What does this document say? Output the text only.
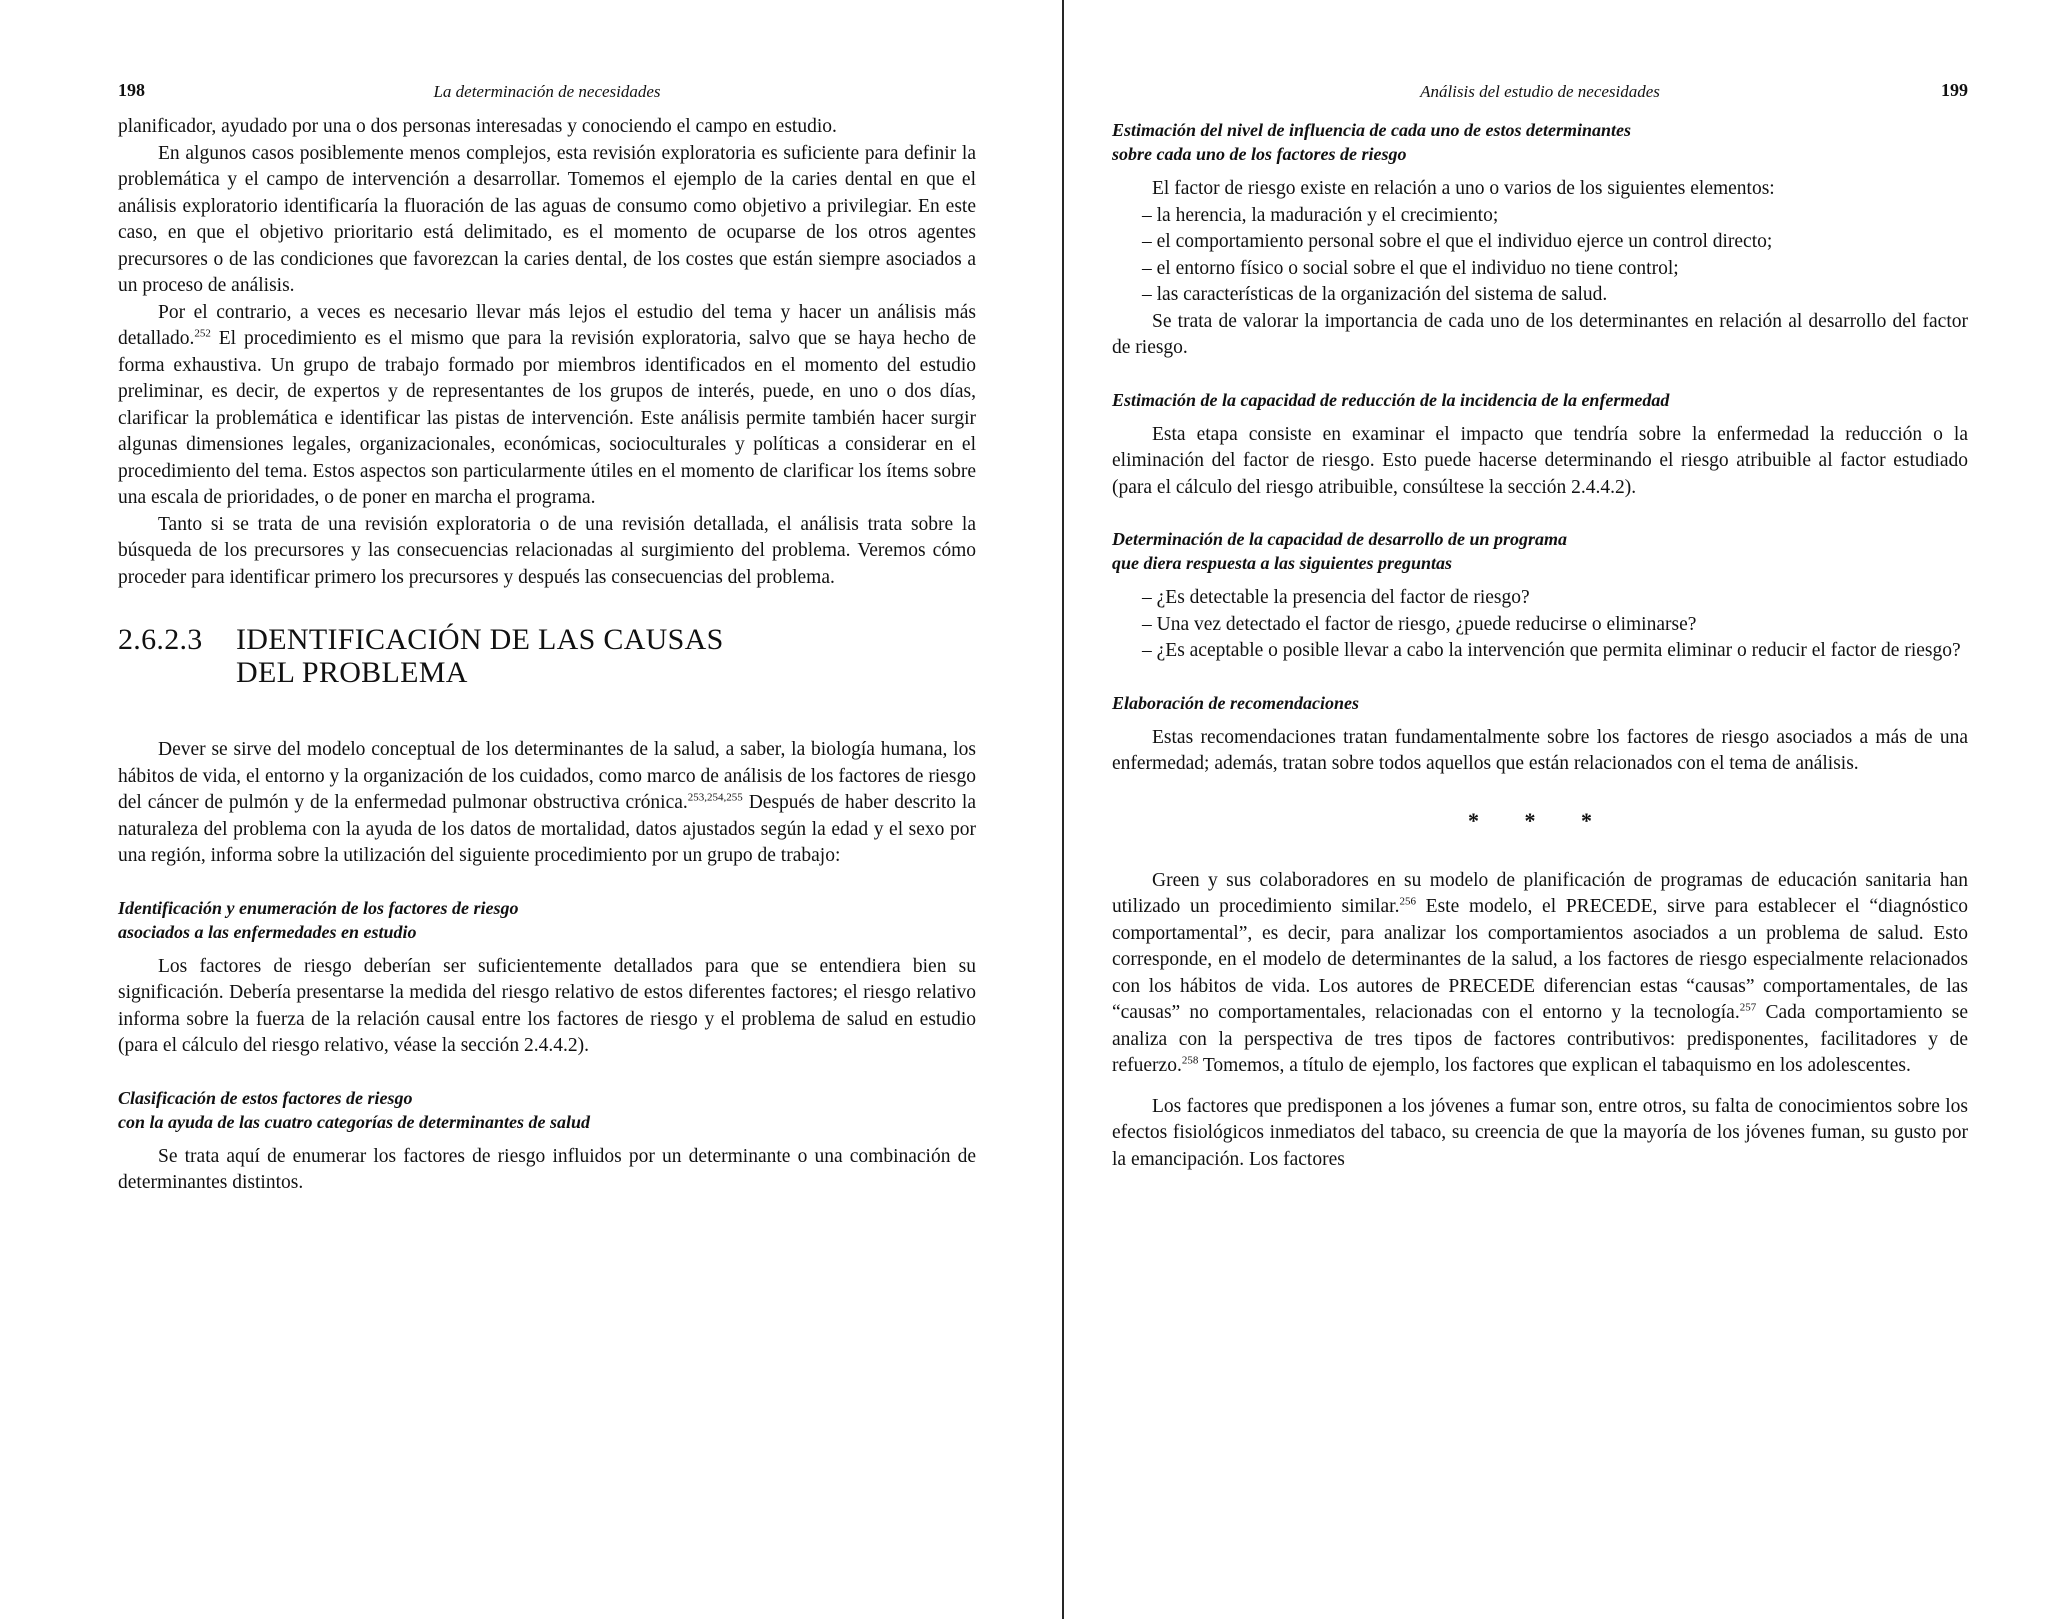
198	La determinación de necesidades

planificador, ayudado por una o dos personas interesadas y conociendo el campo en estudio.

En algunos casos posiblemente menos complejos, esta revisión exploratoria es suficiente para definir la problemática y el campo de intervención a desarrollar. Tomemos el ejemplo de la caries dental en que el análisis exploratorio identificaría la fluoración de las aguas de consumo como objetivo a privilegiar. En este caso, en que el objetivo prioritario está delimitado, es el momento de ocuparse de los otros agentes precursores o de las condiciones que favorezcan la caries dental, de los costes que están siempre asociados a un proceso de análisis.

Por el contrario, a veces es necesario llevar más lejos el estudio del tema y hacer un análisis más detallado.$^{252}$ El procedimiento es el mismo que para la revisión exploratoria, salvo que se haya hecho de forma exhaustiva. Un grupo de trabajo formado por miembros identificados en el momento del estudio preliminar, es decir, de expertos y de representantes de los grupos de interés, puede, en uno o dos días, clarificar la problemática e identificar las pistas de intervención. Este análisis permite también hacer surgir algunas dimensiones legales, organizacionales, económicas, socioculturales y políticas a considerar en el procedimiento del tema. Estos aspectos son particularmente útiles en el momento de clarificar los ítems sobre una escala de prioridades, o de poner en marcha el programa.

Tanto si se trata de una revisión exploratoria o de una revisión detallada, el análisis trata sobre la búsqueda de los precursores y las consecuencias relacionadas al surgimiento del problema. Veremos cómo proceder para identificar primero los precursores y después las consecuencias del problema.

2.6.2.3	IDENTIFICACIÓN DE LAS CAUSAS
DEL PROBLEMA

Dever se sirve del modelo conceptual de los determinantes de la salud, a saber, la biología humana, los hábitos de vida, el entorno y la organización de los cuidados, como marco de análisis de los factores de riesgo del cáncer de pulmón y de la enfermedad pulmonar obstructiva crónica.$^{253,254,255}$ Después de haber descrito la naturaleza del problema con la ayuda de los datos de mortalidad, datos ajustados según la edad y el sexo por una región, informa sobre la utilización del siguiente procedimiento por un grupo de trabajo:

Identificación y enumeración de los factores de riesgo
asociados a las enfermedades en estudio

Los factores de riesgo deberían ser suficientemente detallados para que se entendiera bien su significación. Debería presentarse la medida del riesgo relativo de estos diferentes factores; el riesgo relativo informa sobre la fuerza de la relación causal entre los factores de riesgo y el problema de salud en estudio (para el cálculo del riesgo relativo, véase la sección 2.4.4.2).

Clasificación de estos factores de riesgo
con la ayuda de las cuatro categorías de determinantes de salud

Se trata aquí de enumerar los factores de riesgo influidos por un determinante o una combinación de determinantes distintos.

Análisis del estudio de necesidades	199
Estimación del nivel de influencia de cada uno de estos determinantes
sobre cada uno de los factores de riesgo

El factor de riesgo existe en relación a uno o varios de los siguientes elementos:

– la herencia, la maduración y el crecimiento;
– el comportamiento personal sobre el que el individuo ejerce un control directo;
– el entorno físico o social sobre el que el individuo no tiene control;
– las características de la organización del sistema de salud.

Se trata de valorar la importancia de cada uno de los determinantes en relación al desarrollo del factor de riesgo.

Estimación de la capacidad de reducción de la incidencia de la enfermedad

Esta etapa consiste en examinar el impacto que tendría sobre la enfermedad la reducción o la eliminación del factor de riesgo. Esto puede hacerse determinando el riesgo atribuible al factor estudiado (para el cálculo del riesgo atribuible, consúltese la sección 2.4.4.2).

Determinación de la capacidad de desarrollo de un programa
que diera respuesta a las siguientes preguntas
– ¿Es detectable la presencia del factor de riesgo?
– Una vez detectado el factor de riesgo, ¿puede reducirse o eliminarse?
– ¿Es aceptable o posible llevar a cabo la intervención que permita eliminar o reducir el factor de riesgo?
Elaboración de recomendaciones

Estas recomendaciones tratan fundamentalmente sobre los factores de riesgo asociados a más de una enfermedad; además, tratan sobre todos aquellos que están relacionados con el tema de análisis.

* * *

Green y sus colaboradores en su modelo de planificación de programas de educación sanitaria han utilizado un procedimiento similar.$^{256}$ Este modelo, el PRECEDE, sirve para establecer el “diagnóstico comportamental”, es decir, para analizar los comportamientos asociados a un problema de salud. Esto corresponde, en el modelo de determinantes de la salud, a los factores de riesgo especialmente relacionados con los hábitos de vida. Los autores de PRECEDE diferencian estas “causas” comportamentales, de las “causas” no comportamentales, relacionadas con el entorno y la tecnología.$^{257}$ Cada comportamiento se analiza con la perspectiva de tres tipos de factores contributivos: predisponentes, facilitadores y de refuerzo.$^{258}$ Tomemos, a título de ejemplo, los factores que explican el tabaquismo en los adolescentes.

Los factores que predisponen a los jóvenes a fumar son, entre otros, su falta de conocimientos sobre los efectos fisiológicos inmediatos del tabaco, su creencia de que la mayoría de los jóvenes fuman, su gusto por la emancipación. Los factores
